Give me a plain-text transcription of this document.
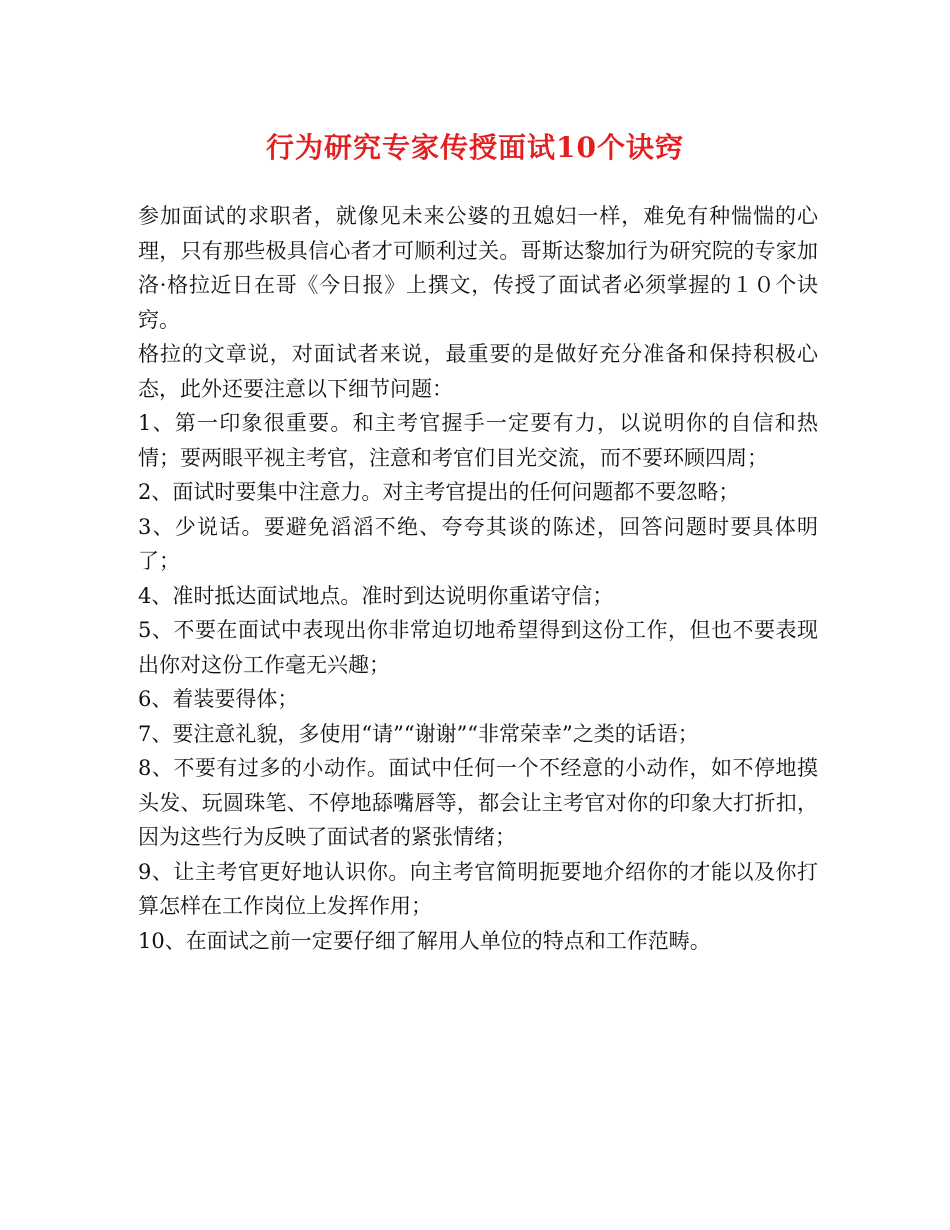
行为研究专家传授面试10个诀窍

参加面试的求职者，就像见未来公婆的丑媳妇一样，难免有种惴惴的心理，只有那些极具信心者才可顺利过关。哥斯达黎加行为研究院的专家加洛·格拉近日在哥《今日报》上撰文，传授了面试者必须掌握的１０个诀窍。

格拉的文章说，对面试者来说，最重要的是做好充分准备和保持积极心态，此外还要注意以下细节问题：

1、第一印象很重要。和主考官握手一定要有力，以说明你的自信和热情；要两眼平视主考官，注意和考官们目光交流，而不要环顾四周；

2、面试时要集中注意力。对主考官提出的任何问题都不要忽略；

3、少说话。要避免滔滔不绝、夸夸其谈的陈述，回答问题时要具体明了；

4、准时抵达面试地点。准时到达说明你重诺守信；

5、不要在面试中表现出你非常迫切地希望得到这份工作，但也不要表现出你对这份工作毫无兴趣；

6、着装要得体；

7、要注意礼貌，多使用“请”“谢谢”“非常荣幸”之类的话语；

8、不要有过多的小动作。面试中任何一个不经意的小动作，如不停地摸头发、玩圆珠笔、不停地舔嘴唇等，都会让主考官对你的印象大打折扣，因为这些行为反映了面试者的紧张情绪；

9、让主考官更好地认识你。向主考官简明扼要地介绍你的才能以及你打算怎样在工作岗位上发挥作用；

10、在面试之前一定要仔细了解用人单位的特点和工作范畴。
